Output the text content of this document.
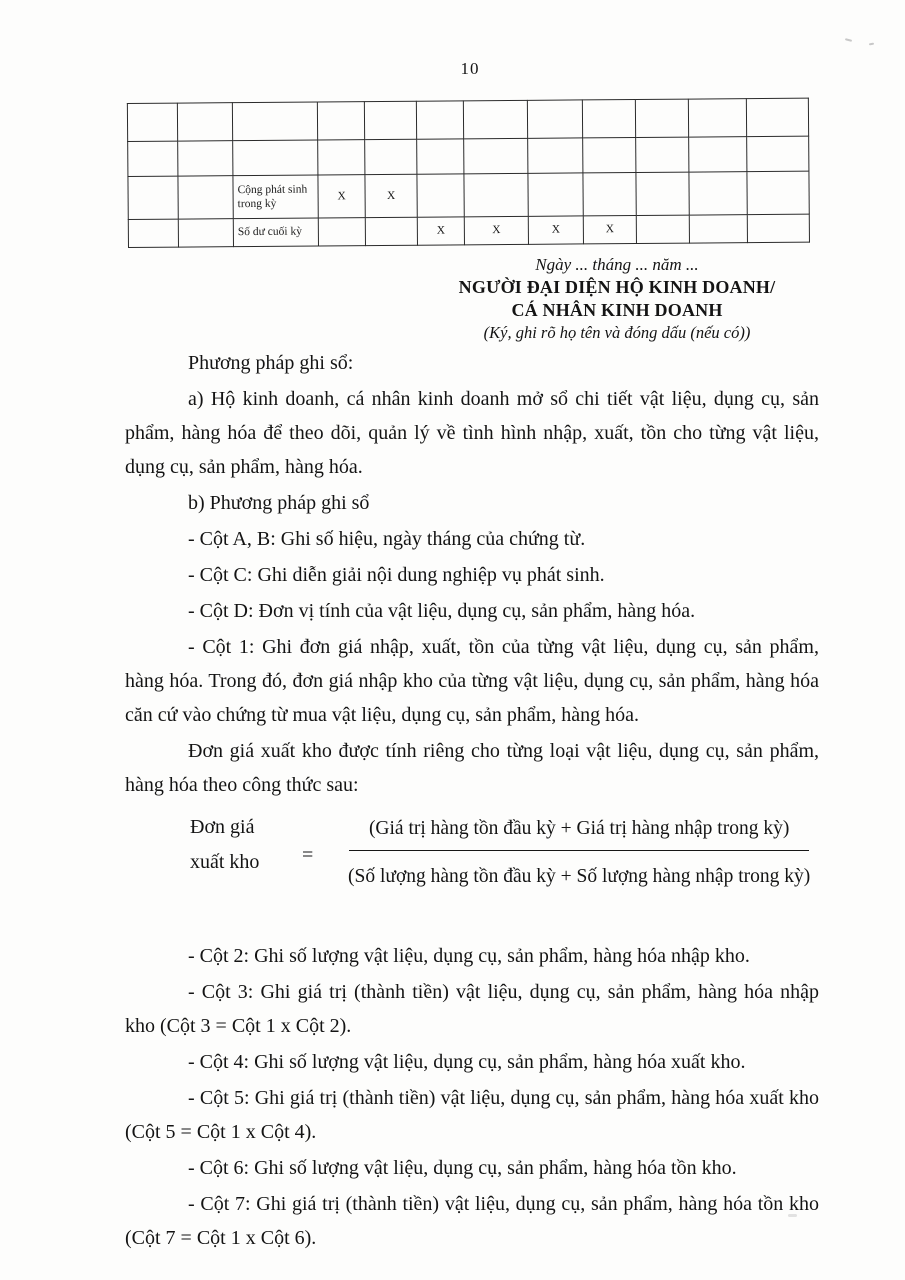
10

		Cộng phát sinh trong kỳ	X	X							
		Số dư cuối kỳ			X	X	X	X			
Ngày ... tháng ... năm ...
NGƯỜI ĐẠI DIỆN HỘ KINH DOANH/
CÁ NHÂN KINH DOANH
(Ký, ghi rõ họ tên và đóng dấu (nếu có))

Phương pháp ghi sổ:

a) Hộ kinh doanh, cá nhân kinh doanh mở sổ chi tiết vật liệu, dụng cụ, sản phẩm, hàng hóa để theo dõi, quản lý về tình hình nhập, xuất, tồn cho từng vật liệu, dụng cụ, sản phẩm, hàng hóa.

b) Phương pháp ghi sổ

- Cột A, B: Ghi số hiệu, ngày tháng của chứng từ.

- Cột C: Ghi diễn giải nội dung nghiệp vụ phát sinh.

- Cột D: Đơn vị tính của vật liệu, dụng cụ, sản phẩm, hàng hóa.

- Cột 1: Ghi đơn giá nhập, xuất, tồn của từng vật liệu, dụng cụ, sản phẩm, hàng hóa. Trong đó, đơn giá nhập kho của từng vật liệu, dụng cụ, sản phẩm, hàng hóa căn cứ vào chứng từ mua vật liệu, dụng cụ, sản phẩm, hàng hóa.

Đơn giá xuất kho được tính riêng cho từng loại vật liệu, dụng cụ, sản phẩm, hàng hóa theo công thức sau:

Đơn giá
xuất kho	= $\frac{\text{(Giá trị hàng tồn đầu kỳ + Giá trị hàng nhập trong kỳ)}}{\text{(Số lượng hàng tồn đầu kỳ + Số lượng hàng nhập trong kỳ)}}$

- Cột 2: Ghi số lượng vật liệu, dụng cụ, sản phẩm, hàng hóa nhập kho.

- Cột 3: Ghi giá trị (thành tiền) vật liệu, dụng cụ, sản phẩm, hàng hóa nhập kho (Cột 3 = Cột 1 x Cột 2).

- Cột 4: Ghi số lượng vật liệu, dụng cụ, sản phẩm, hàng hóa xuất kho.

- Cột 5: Ghi giá trị (thành tiền) vật liệu, dụng cụ, sản phẩm, hàng hóa xuất kho (Cột 5 = Cột 1 x Cột 4).

- Cột 6: Ghi số lượng vật liệu, dụng cụ, sản phẩm, hàng hóa tồn kho.

- Cột 7: Ghi giá trị (thành tiền) vật liệu, dụng cụ, sản phẩm, hàng hóa tồn kho (Cột 7 = Cột 1 x Cột 6).
